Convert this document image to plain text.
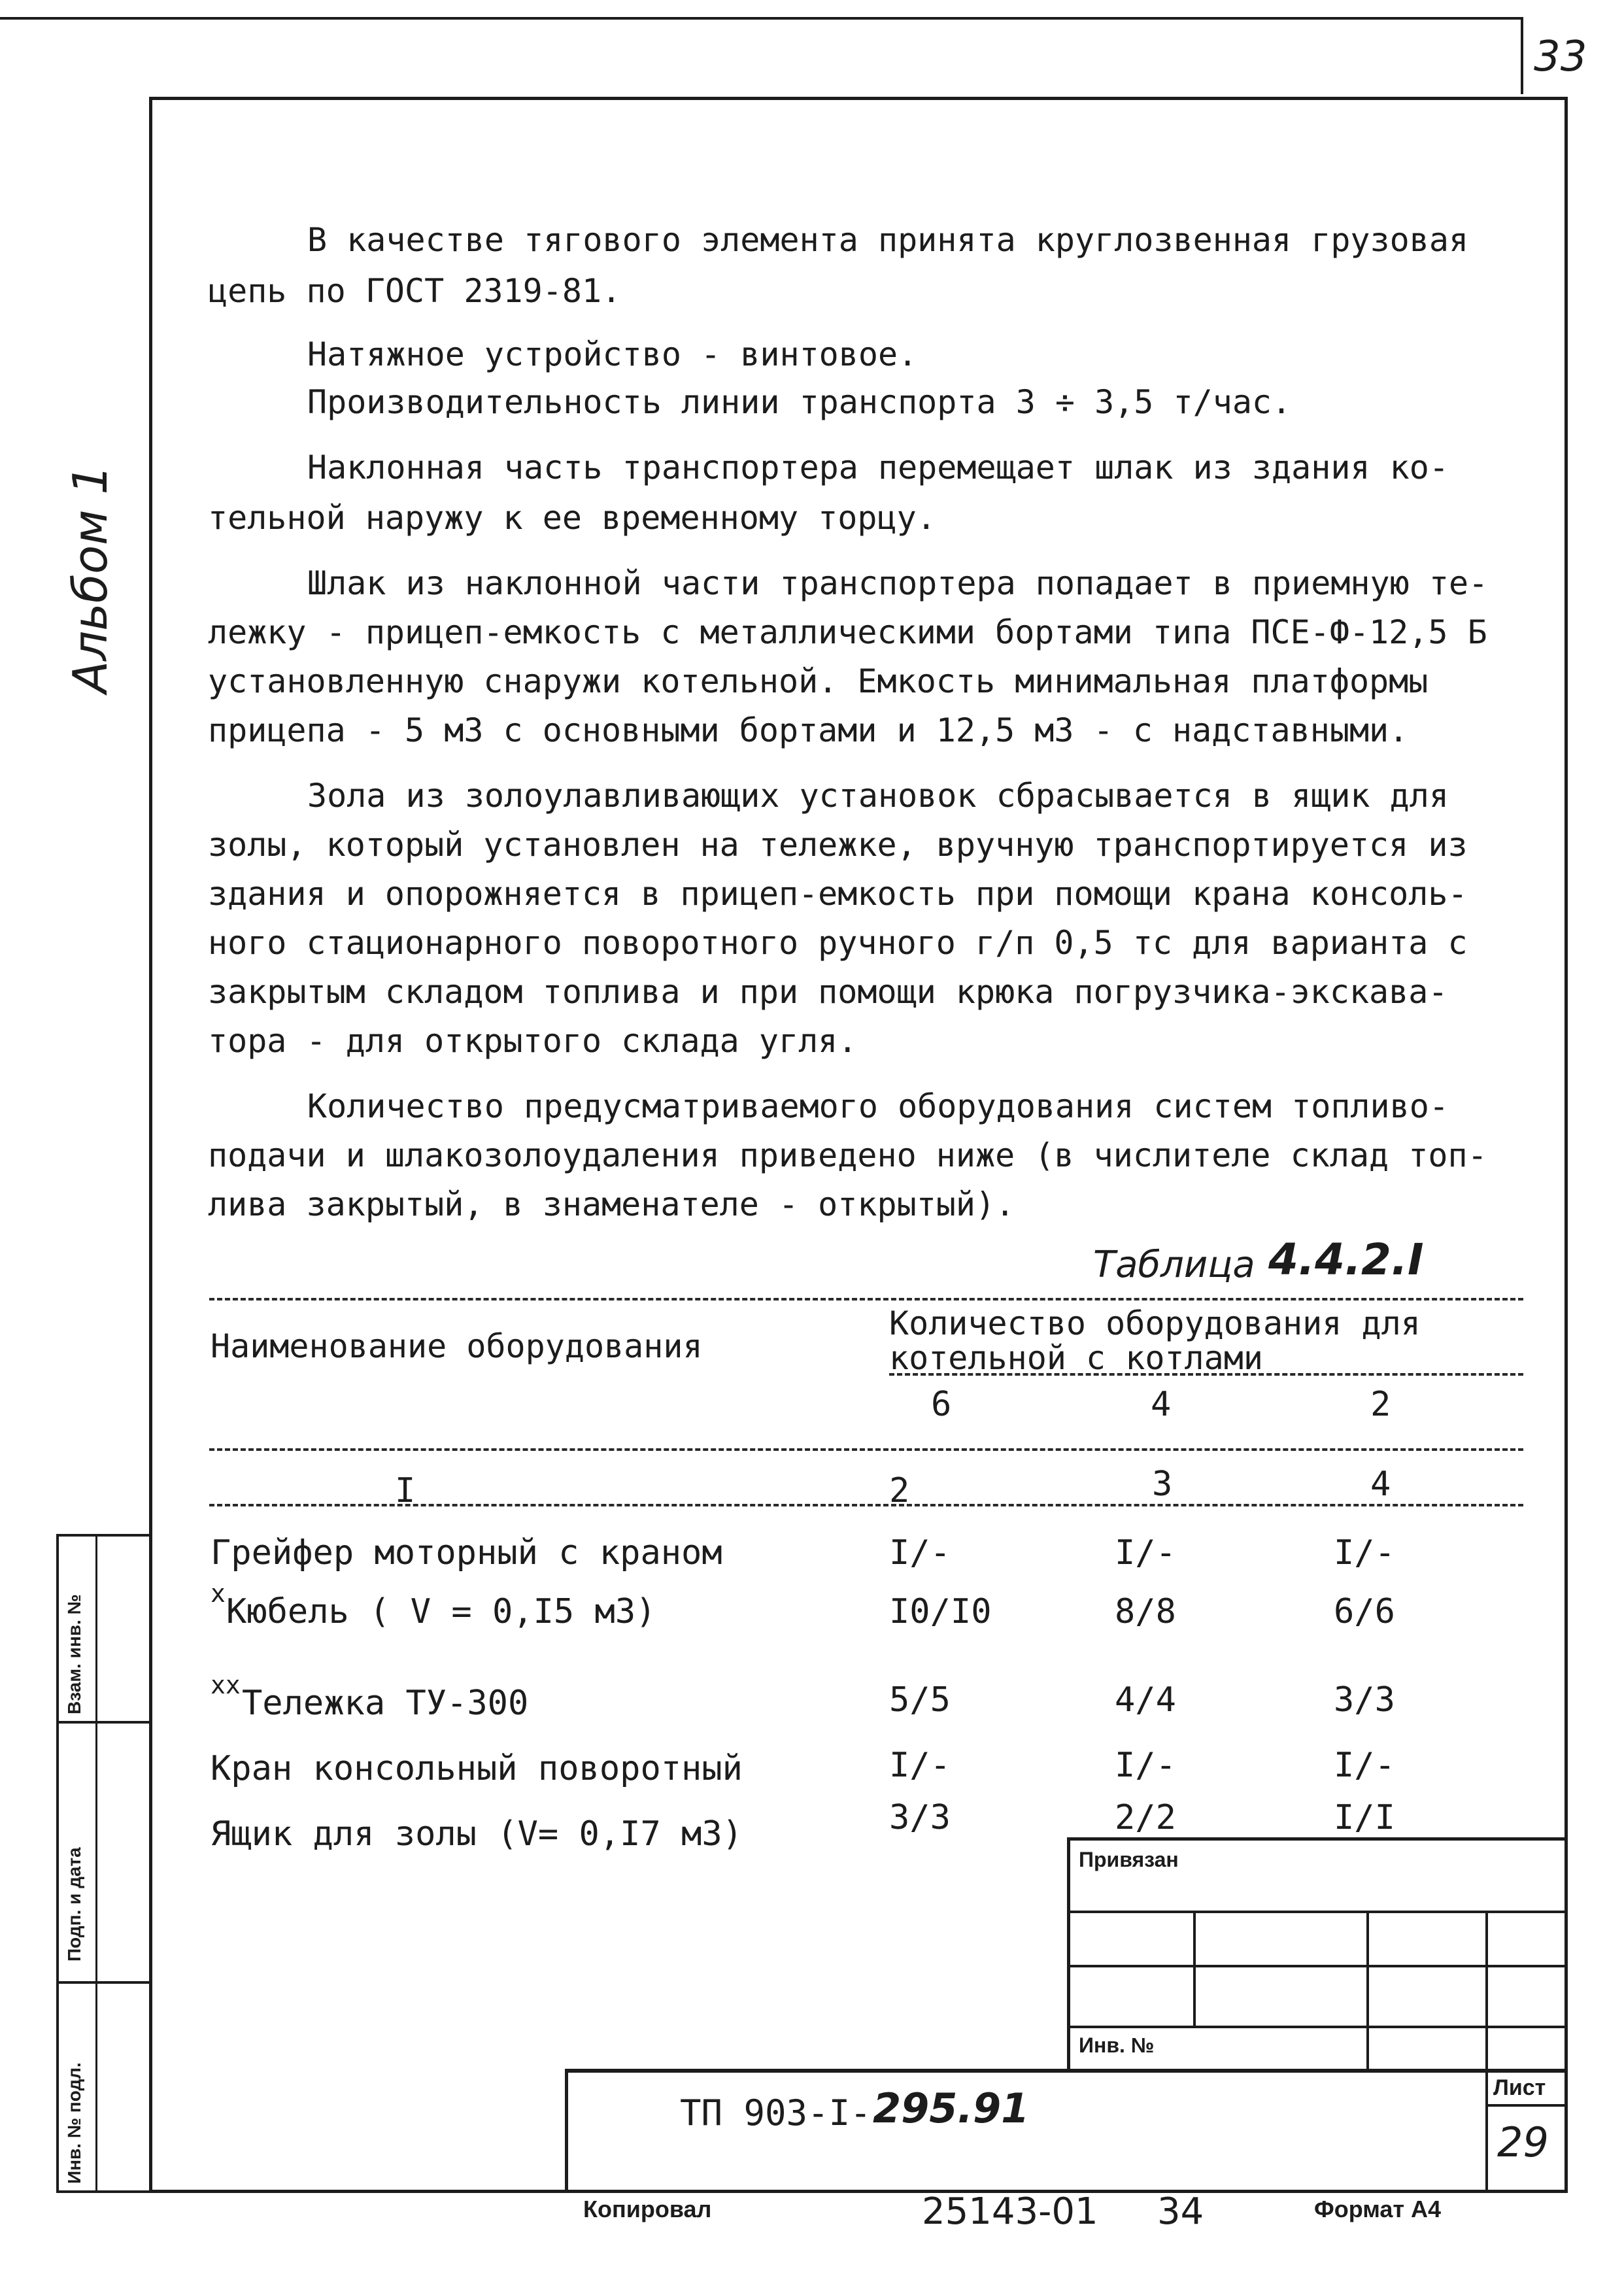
33
Альбом 1
Взам. инв. №
Подп. и дата
Инв. № подл.
В качестве тягового элемента принята круглозвенная грузовая
цепь по ГОСТ 2319-81.
Натяжное устройство - винтовое.
Производительность линии транспорта 3 ÷ 3,5 т/час.
Наклонная часть транспортера перемещает шлак из здания ко-
тельной наружу к ее временному торцу.
Шлак из наклонной части транспортера попадает в приемную те-
лежку - прицеп-емкость с металлическими бортами типа ПСЕ-Ф-12,5 Б
установленную снаружи котельной. Емкость минимальная платформы
прицепа - 5 м3 с основными бортами и 12,5 м3 - с надставными.
Зола из золоулавливающих установок сбрасывается в ящик для
золы, который установлен на тележке, вручную транспортируется из
здания и опорожняется в прицеп-емкость при помощи крана консоль-
ного стационарного поворотного ручного г/п 0,5 тс для варианта с
закрытым складом топлива и при помощи крюка погрузчика-экскава-
тора - для открытого склада угля.
Количество предусматриваемого оборудования систем топливо-
подачи и шлакозолоудаления приведено ниже (в числителе склад топ-
лива закрытый, в знаменателе - открытый).
Таблица 4.4.2.I
Наименование оборудования
Количество оборудования для
котельной с котлами
6	4	2
I	2	3	4
Грейфер моторный с краном	I/-	I/-	I/-
х Кюбель ( V = 0,I5 м3)	I0/I0	8/8	6/6
хх Тележка ТУ-300	5/5	4/4	3/3
Кран консольный поворотный	I/-	I/-	I/-
Ящик для золы (V= 0,I7 м3)	3/3	2/2	I/I
Привязан
Инв. №
Лист
29
ТП 903-I- 295.91
Копировал	25143-01 34	Формат А4
